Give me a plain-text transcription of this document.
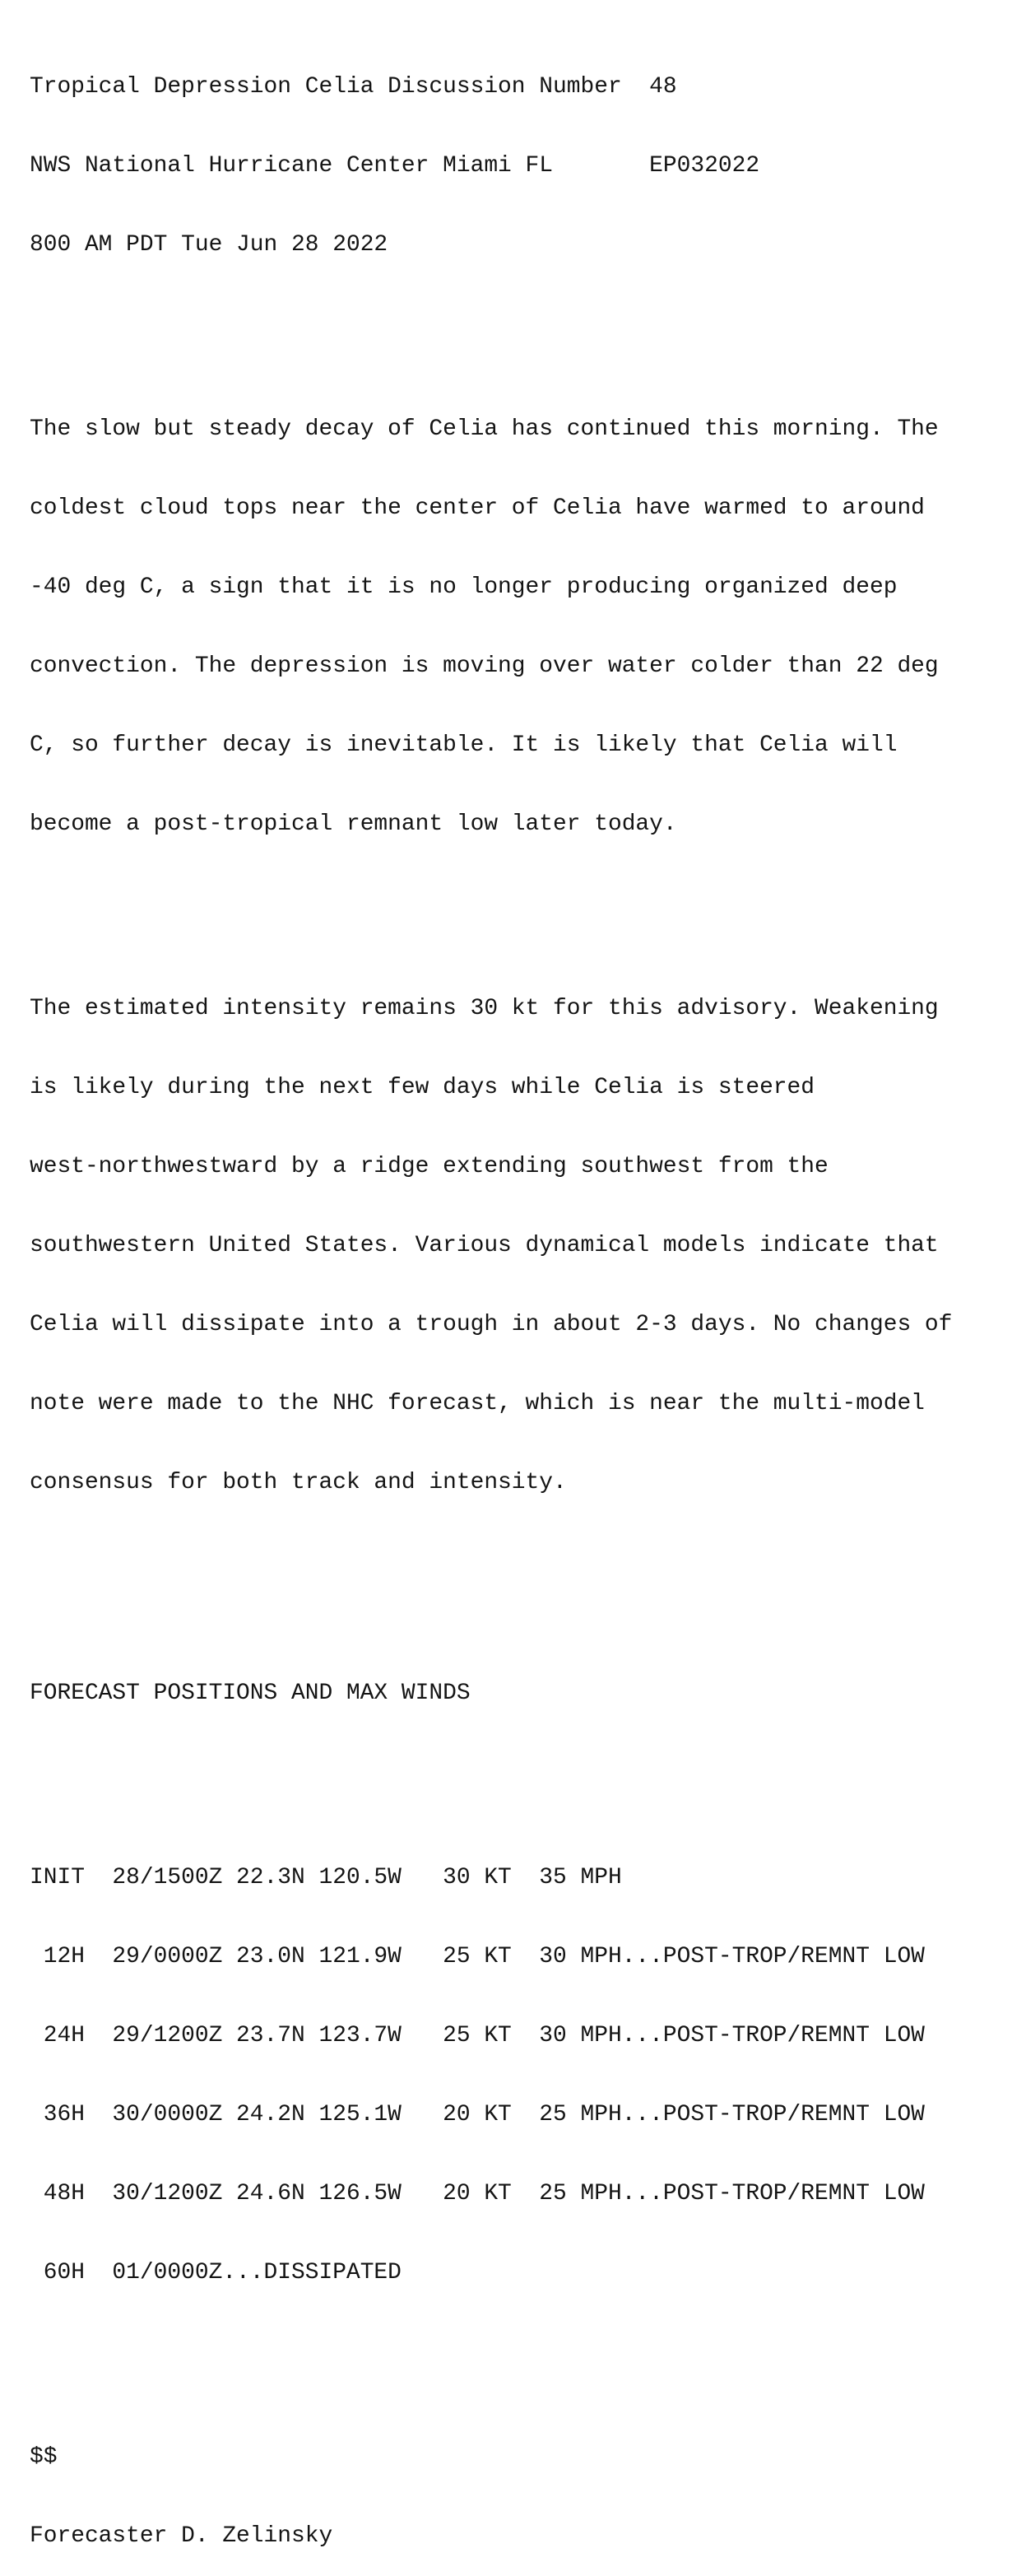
Tropical Depression Celia Discussion Number  48

NWS National Hurricane Center Miami FL       EP032022

800 AM PDT Tue Jun 28 2022

The slow but steady decay of Celia has continued this morning. The

coldest cloud tops near the center of Celia have warmed to around

-40 deg C, a sign that it is no longer producing organized deep

convection. The depression is moving over water colder than 22 deg

C, so further decay is inevitable. It is likely that Celia will

become a post-tropical remnant low later today.

The estimated intensity remains 30 kt for this advisory. Weakening

is likely during the next few days while Celia is steered

west-northwestward by a ridge extending southwest from the

southwestern United States. Various dynamical models indicate that

Celia will dissipate into a trough in about 2-3 days. No changes of

note were made to the NHC forecast, which is near the multi-model

consensus for both track and intensity.

FORECAST POSITIONS AND MAX WINDS

INIT  28/1500Z 22.3N 120.5W   30 KT  35 MPH

12H  29/0000Z 23.0N 121.9W   25 KT  30 MPH...POST-TROP/REMNT LOW

24H  29/1200Z 23.7N 123.7W   25 KT  30 MPH...POST-TROP/REMNT LOW

36H  30/0000Z 24.2N 125.1W   20 KT  25 MPH...POST-TROP/REMNT LOW

48H  30/1200Z 24.6N 126.5W   20 KT  25 MPH...POST-TROP/REMNT LOW

60H  01/0000Z...DISSIPATED

$$

Forecaster D. Zelinsky
